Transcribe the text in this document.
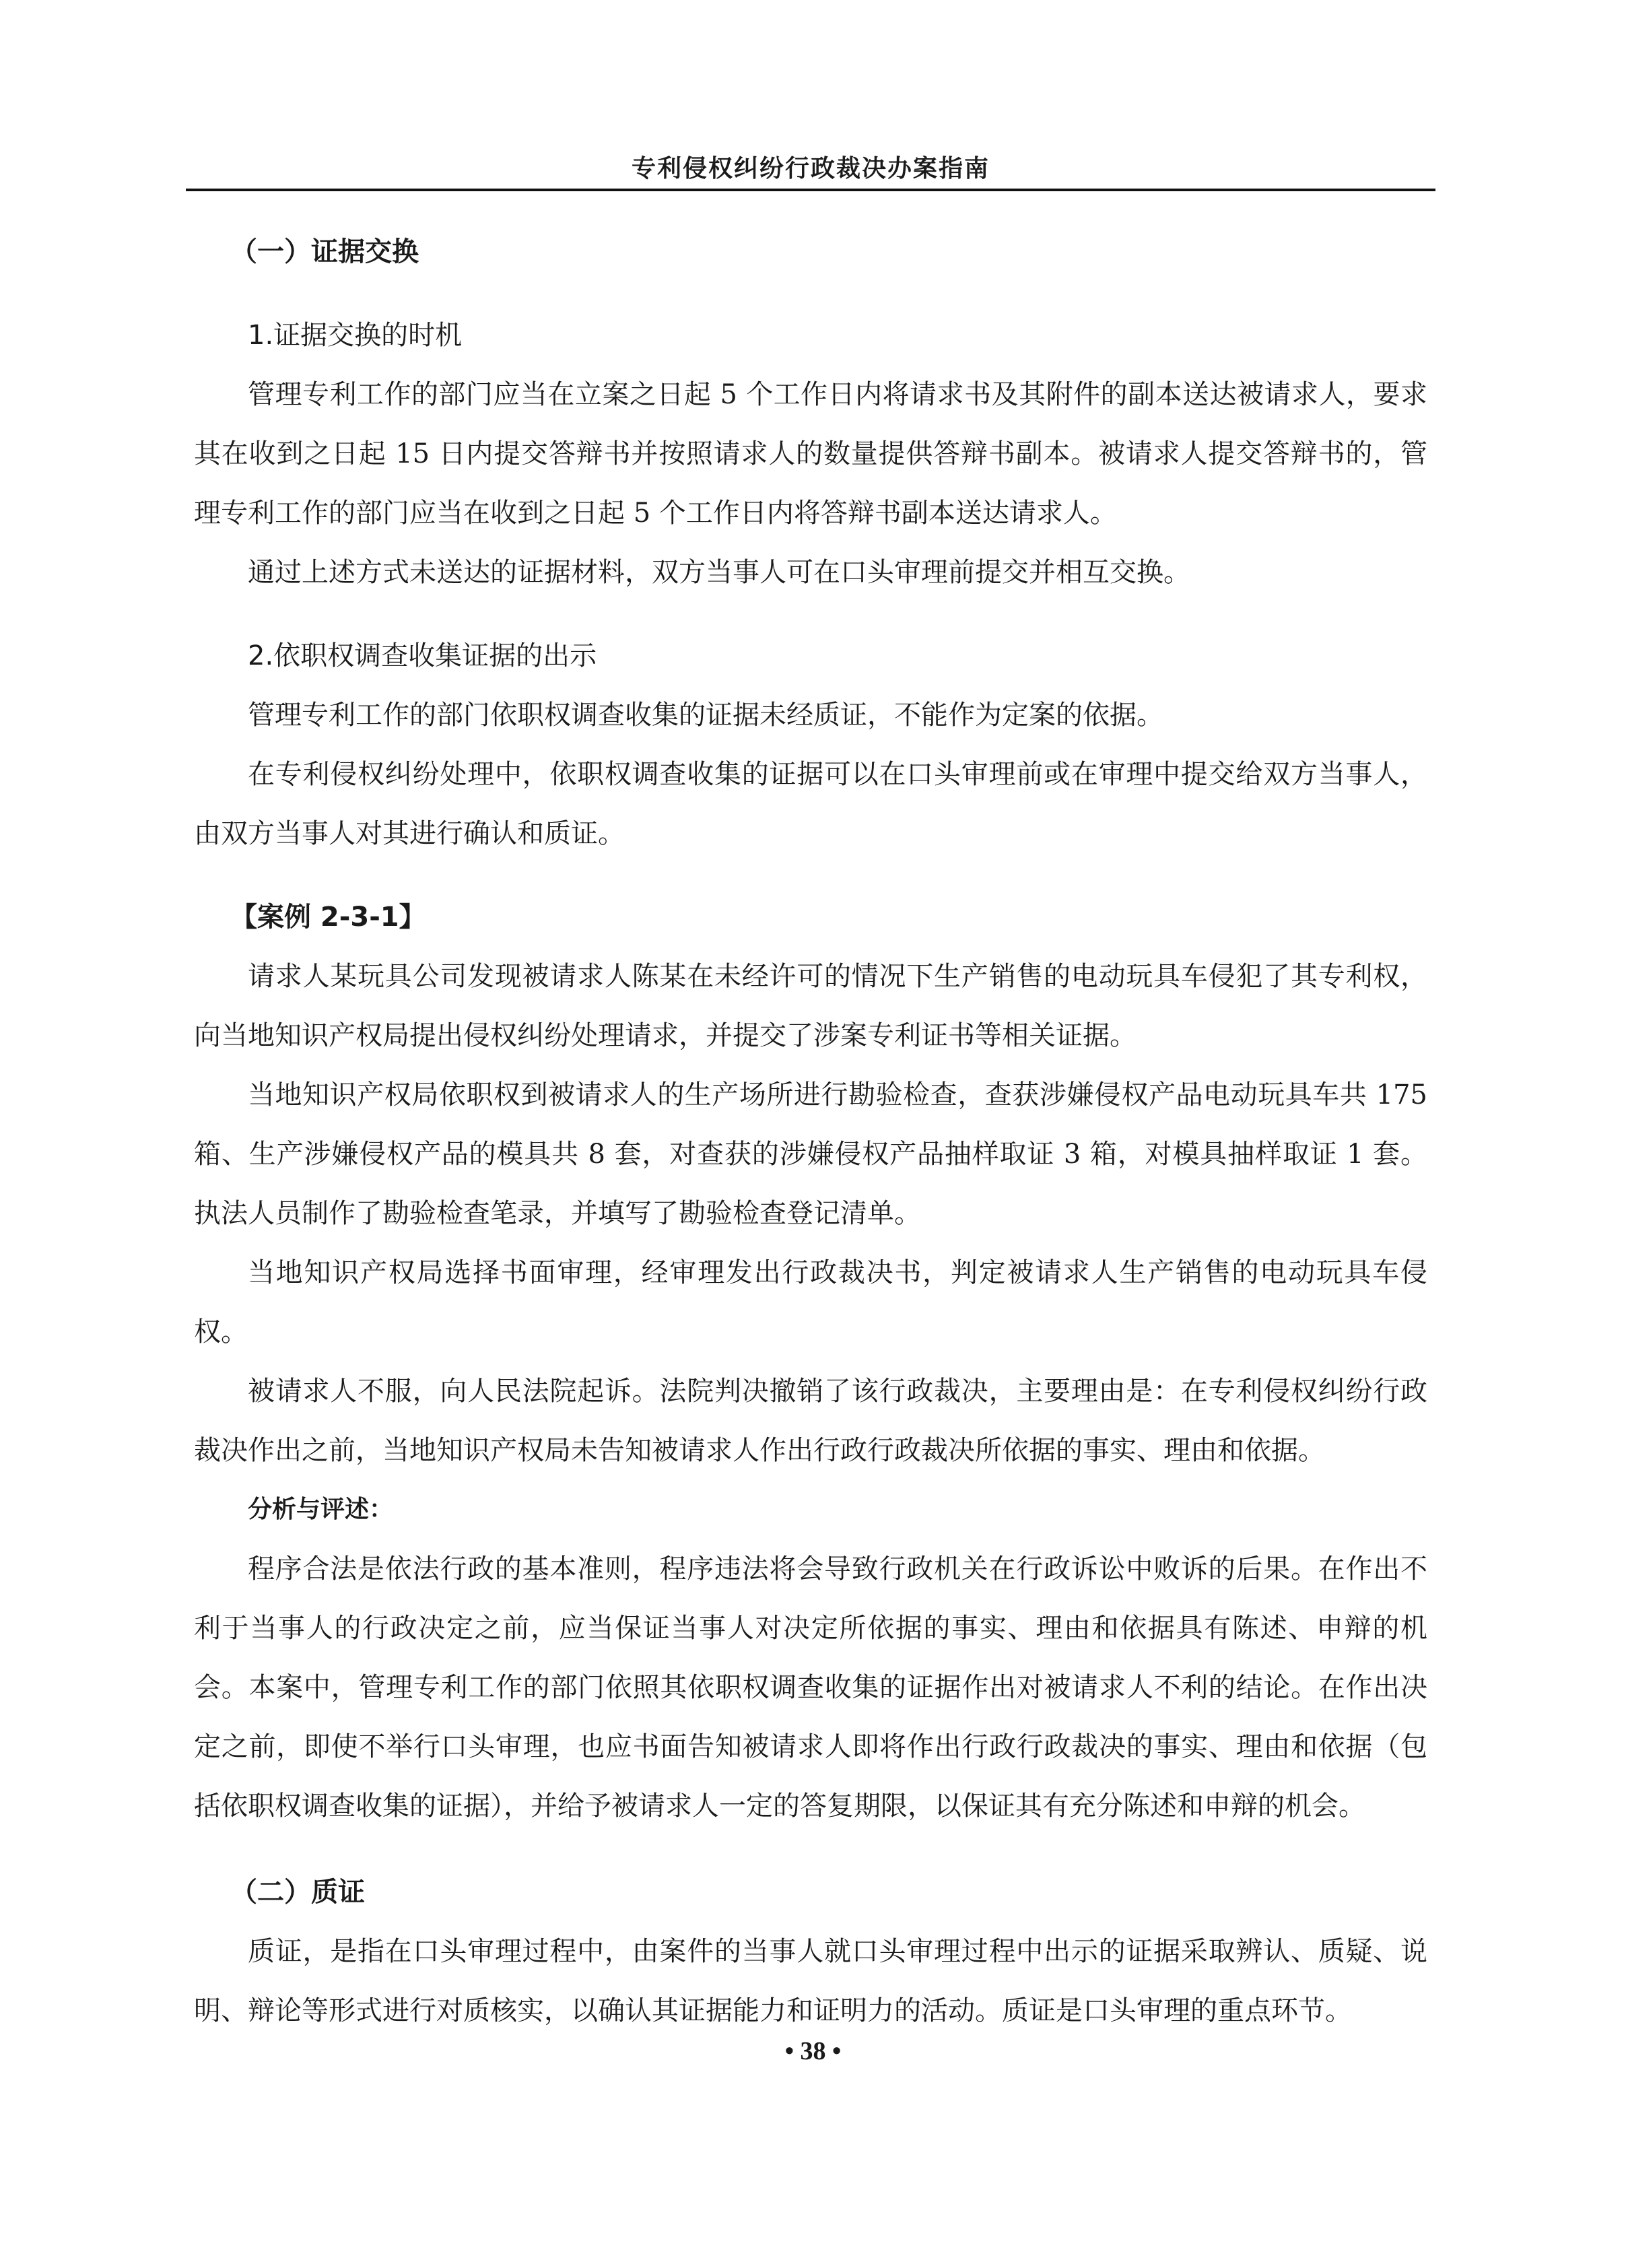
专利侵权纠纷行政裁决办案指南

（一）证据交换

1.证据交换的时机

管理专利工作的部门应当在立案之日起 5 个工作日内将请求书及其附件的副本送达被请求人，要求其在收到之日起 15 日内提交答辩书并按照请求人的数量提供答辩书副本。被请求人提交答辩书的，管理专利工作的部门应当在收到之日起 5 个工作日内将答辩书副本送达请求人。

通过上述方式未送达的证据材料，双方当事人可在口头审理前提交并相互交换。

2.依职权调查收集证据的出示

管理专利工作的部门依职权调查收集的证据未经质证，不能作为定案的依据。

在专利侵权纠纷处理中，依职权调查收集的证据可以在口头审理前或在审理中提交给双方当事人，由双方当事人对其进行确认和质证。

【案例 2-3-1】

请求人某玩具公司发现被请求人陈某在未经许可的情况下生产销售的电动玩具车侵犯了其专利权，向当地知识产权局提出侵权纠纷处理请求，并提交了涉案专利证书等相关证据。

当地知识产权局依职权到被请求人的生产场所进行勘验检查，查获涉嫌侵权产品电动玩具车共 175 箱、生产涉嫌侵权产品的模具共 8 套，对查获的涉嫌侵权产品抽样取证 3 箱，对模具抽样取证 1 套。执法人员制作了勘验检查笔录，并填写了勘验检查登记清单。

当地知识产权局选择书面审理，经审理发出行政裁决书，判定被请求人生产销售的电动玩具车侵权。

被请求人不服，向人民法院起诉。法院判决撤销了该行政裁决，主要理由是：在专利侵权纠纷行政裁决作出之前，当地知识产权局未告知被请求人作出行政行政裁决所依据的事实、理由和依据。

分析与评述：

程序合法是依法行政的基本准则，程序违法将会导致行政机关在行政诉讼中败诉的后果。在作出不利于当事人的行政决定之前，应当保证当事人对决定所依据的事实、理由和依据具有陈述、申辩的机会。本案中，管理专利工作的部门依照其依职权调查收集的证据作出对被请求人不利的结论。在作出决定之前，即使不举行口头审理，也应书面告知被请求人即将作出行政行政裁决的事实、理由和依据（包括依职权调查收集的证据），并给予被请求人一定的答复期限，以保证其有充分陈述和申辩的机会。

（二）质证

质证，是指在口头审理过程中，由案件的当事人就口头审理过程中出示的证据采取辨认、质疑、说明、辩论等形式进行对质核实，以确认其证据能力和证明力的活动。质证是口头审理的重点环节。

• 38 •
